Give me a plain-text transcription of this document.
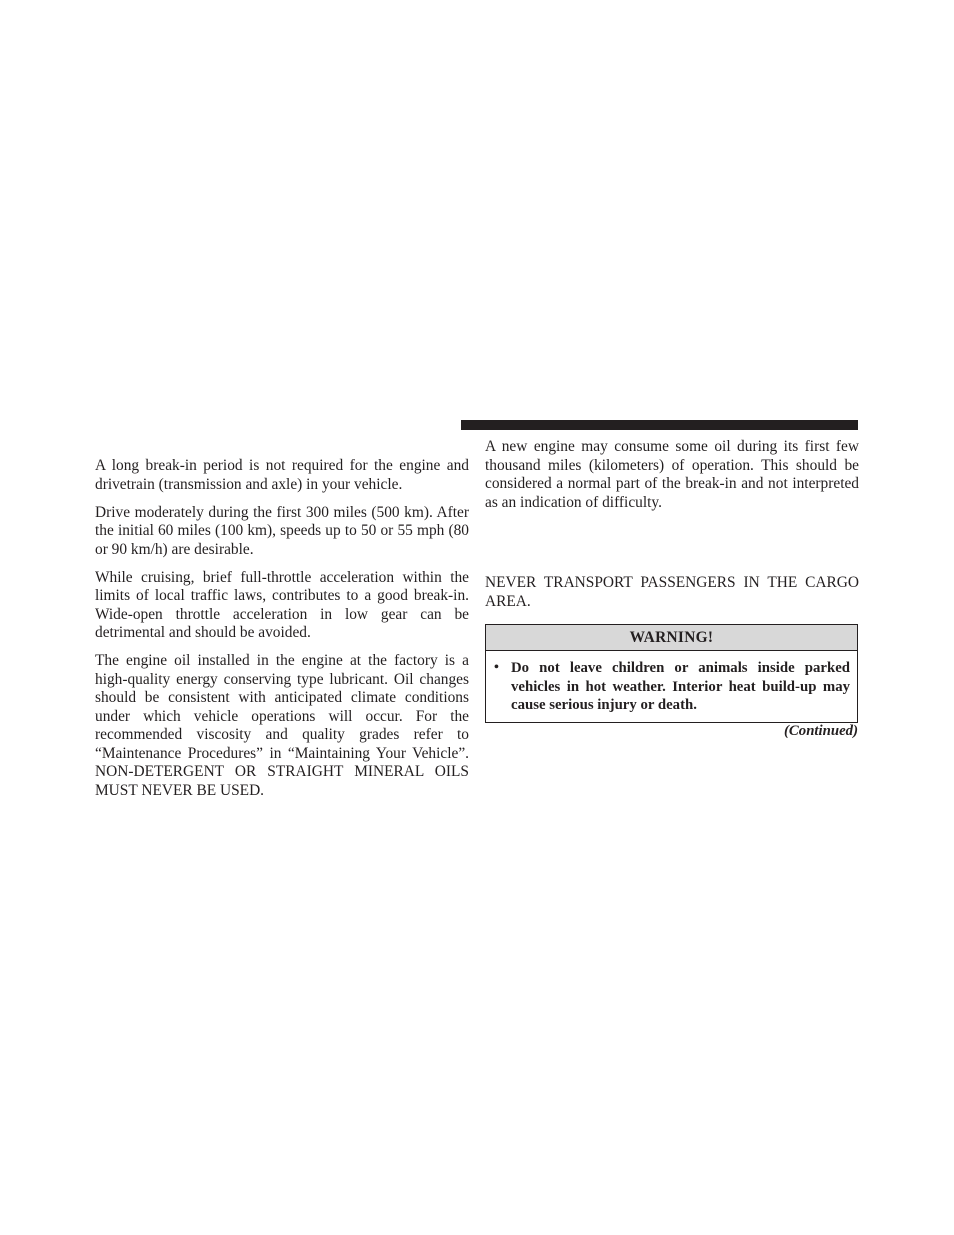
A long break-in period is not required for the engine and drivetrain (transmission and axle) in your vehicle.

Drive moderately during the first 300 miles (500 km). After the initial 60 miles (100 km), speeds up to 50 or 55 mph (80 or 90 km/h) are desirable.

While cruising, brief full-throttle acceleration within the limits of local traffic laws, contributes to a good break-in. Wide-open throttle acceleration in low gear can be detrimental and should be avoided.

The engine oil installed in the engine at the factory is a high-quality energy conserving type lubricant. Oil changes should be consistent with anticipated climate conditions under which vehicle operations will occur. For the recommended viscosity and quality grades refer to “Maintenance Procedures” in “Maintaining Your Vehicle”. NON-DETERGENT OR STRAIGHT MINERAL OILS MUST NEVER BE USED.

A new engine may consume some oil during its first few thousand miles (kilometers) of operation. This should be considered a normal part of the break-in and not interpreted as an indication of difficulty.

NEVER TRANSPORT PASSENGERS IN THE CARGO AREA.

WARNING!
• Do not leave children or animals inside parked vehicles in hot weather. Interior heat build-up may cause serious injury or death.
(Continued)
